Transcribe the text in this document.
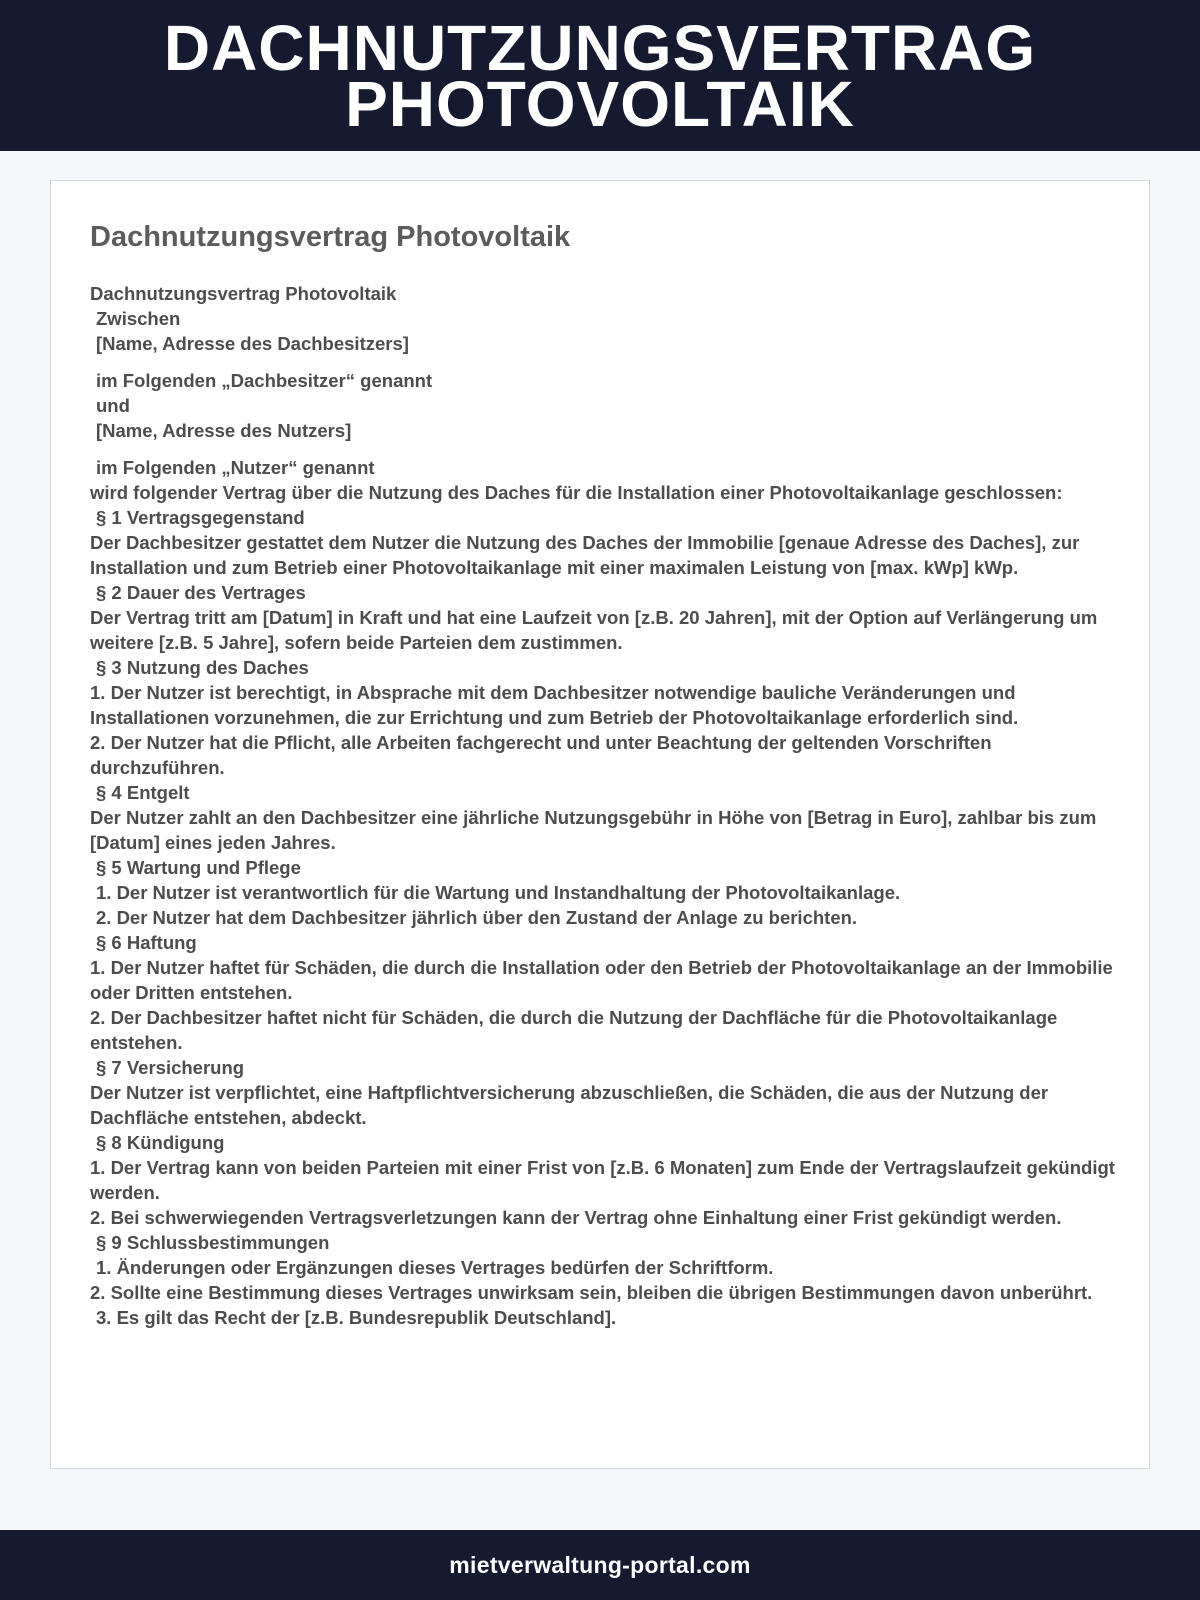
DACHNUTZUNGSVERTRAG
PHOTOVOLTAIK
Dachnutzungsvertrag Photovoltaik
Dachnutzungsvertrag Photovoltaik
Zwischen
[Name, Adresse des Dachbesitzers]
im Folgenden „Dachbesitzer“ genannt
und
[Name, Adresse des Nutzers]
im Folgenden „Nutzer“ genannt
wird folgender Vertrag über die Nutzung des Daches für die Installation einer Photovoltaikanlage geschlossen:
§ 1 Vertragsgegenstand
Der Dachbesitzer gestattet dem Nutzer die Nutzung des Daches der Immobilie [genaue Adresse des Daches], zur Installation und zum Betrieb einer Photovoltaikanlage mit einer maximalen Leistung von [max. kWp] kWp.
§ 2 Dauer des Vertrages
Der Vertrag tritt am [Datum] in Kraft und hat eine Laufzeit von [z.B. 20 Jahren], mit der Option auf Verlängerung um weitere [z.B. 5 Jahre], sofern beide Parteien dem zustimmen.
§ 3 Nutzung des Daches
1. Der Nutzer ist berechtigt, in Absprache mit dem Dachbesitzer notwendige bauliche Veränderungen und Installationen vorzunehmen, die zur Errichtung und zum Betrieb der Photovoltaikanlage erforderlich sind.
2. Der Nutzer hat die Pflicht, alle Arbeiten fachgerecht und unter Beachtung der geltenden Vorschriften durchzuführen.
§ 4 Entgelt
Der Nutzer zahlt an den Dachbesitzer eine jährliche Nutzungsgebühr in Höhe von [Betrag in Euro], zahlbar bis zum [Datum] eines jeden Jahres.
§ 5 Wartung und Pflege
1. Der Nutzer ist verantwortlich für die Wartung und Instandhaltung der Photovoltaikanlage.
2. Der Nutzer hat dem Dachbesitzer jährlich über den Zustand der Anlage zu berichten.
§ 6 Haftung
1. Der Nutzer haftet für Schäden, die durch die Installation oder den Betrieb der Photovoltaikanlage an der Immobilie oder Dritten entstehen.
2. Der Dachbesitzer haftet nicht für Schäden, die durch die Nutzung der Dachfläche für die Photovoltaikanlage entstehen.
§ 7 Versicherung
Der Nutzer ist verpflichtet, eine Haftpflichtversicherung abzuschließen, die Schäden, die aus der Nutzung der Dachfläche entstehen, abdeckt.
§ 8 Kündigung
1. Der Vertrag kann von beiden Parteien mit einer Frist von [z.B. 6 Monaten] zum Ende der Vertragslaufzeit gekündigt werden.
2. Bei schwerwiegenden Vertragsverletzungen kann der Vertrag ohne Einhaltung einer Frist gekündigt werden.
§ 9 Schlussbestimmungen
1. Änderungen oder Ergänzungen dieses Vertrages bedürfen der Schriftform.
2. Sollte eine Bestimmung dieses Vertrages unwirksam sein, bleiben die übrigen Bestimmungen davon unberührt.
3. Es gilt das Recht der [z.B. Bundesrepublik Deutschland].
mietverwaltung-portal.com
